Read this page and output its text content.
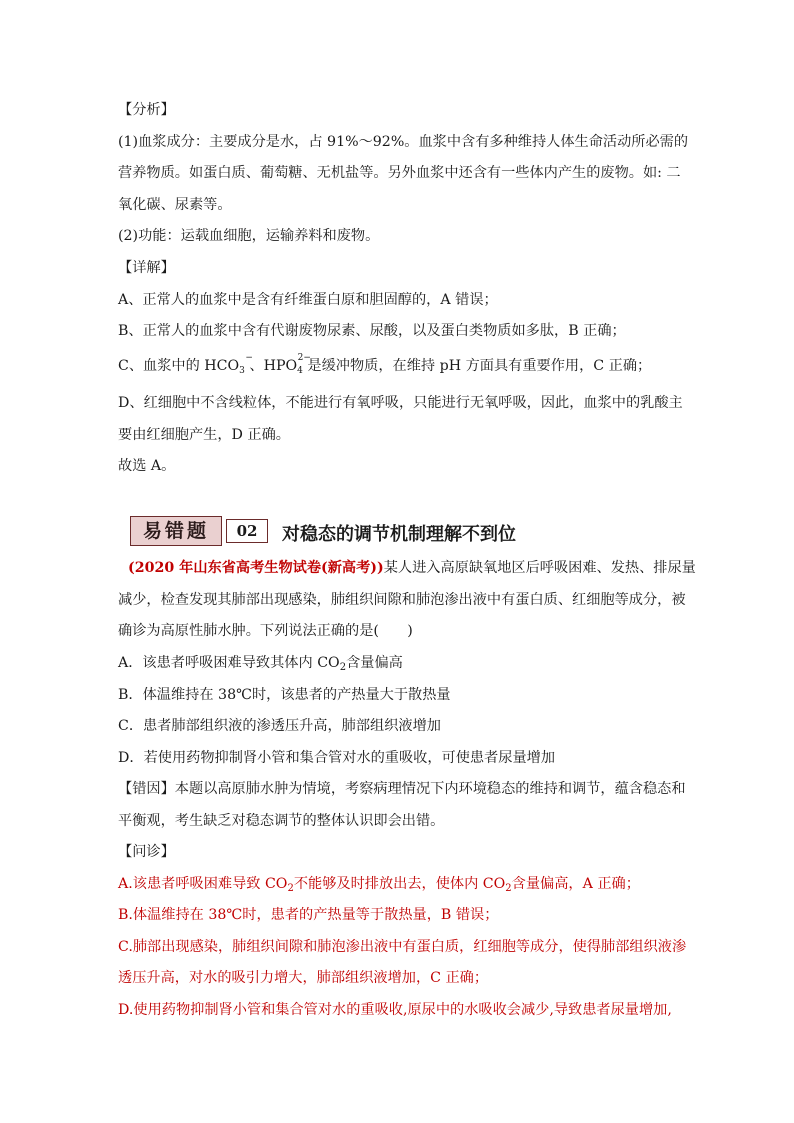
【分析】
(1)血浆成分：主要成分是水，占 91%～92%。血浆中含有多种维持人体生命活动所必需的
营养物质。如蛋白质、葡萄糖、无机盐等。另外血浆中还含有一些体内产生的废物。如: 二
氧化碳、尿素等。
(2)功能：运载血细胞，运输养料和废物。
【详解】
A、正常人的血浆中是含有纤维蛋白原和胆固醇的，A 错误；
B、正常人的血浆中含有代谢废物尿素、尿酸，以及蛋白类物质如多肽，B 正确；
C、血浆中的 $HCO_3$
−
、$HPO_4$
2−
是缓冲物质，在维持 pH 方面具有重要作用，C 正确；
D、红细胞中不含线粒体，不能进行有氧呼吸，只能进行无氧呼吸，因此，血浆中的乳酸主
要由红细胞产生，D 正确。
故选 A。
易错题	02	对稳态的调节机制理解不到位
(2020 年山东省高考生物试卷(新高考))某人进入高原缺氧地区后呼吸困难、发热、排尿量
减少，检查发现其肺部出现感染，肺组织间隙和肺泡渗出液中有蛋白质、红细胞等成分，被
确诊为高原性肺水肿。下列说法正确的是(　　)
A．该患者呼吸困难导致其体内 $CO_2$含量偏高
B．体温维持在 38℃时，该患者的产热量大于散热量
C．患者肺部组织液的渗透压升高，肺部组织液增加
D．若使用药物抑制肾小管和集合管对水的重吸收，可使患者尿量增加
【错因】本题以高原肺水肿为情境，考察病理情况下内环境稳态的维持和调节，蕴含稳态和
平衡观，考生缺乏对稳态调节的整体认识即会出错。
【问诊】
A.该患者呼吸困难导致 $CO_2$不能够及时排放出去，使体内 $CO_2$含量偏高，A 正确；
B.体温维持在 38℃时，患者的产热量等于散热量，B 错误；
C.肺部出现感染，肺组织间隙和肺泡渗出液中有蛋白质，红细胞等成分，使得肺部组织液渗
透压升高，对水的吸引力增大，肺部组织液增加，C 正确；
D.使用药物抑制肾小管和集合管对水的重吸收,原尿中的水吸收会减少,导致患者尿量增加,
